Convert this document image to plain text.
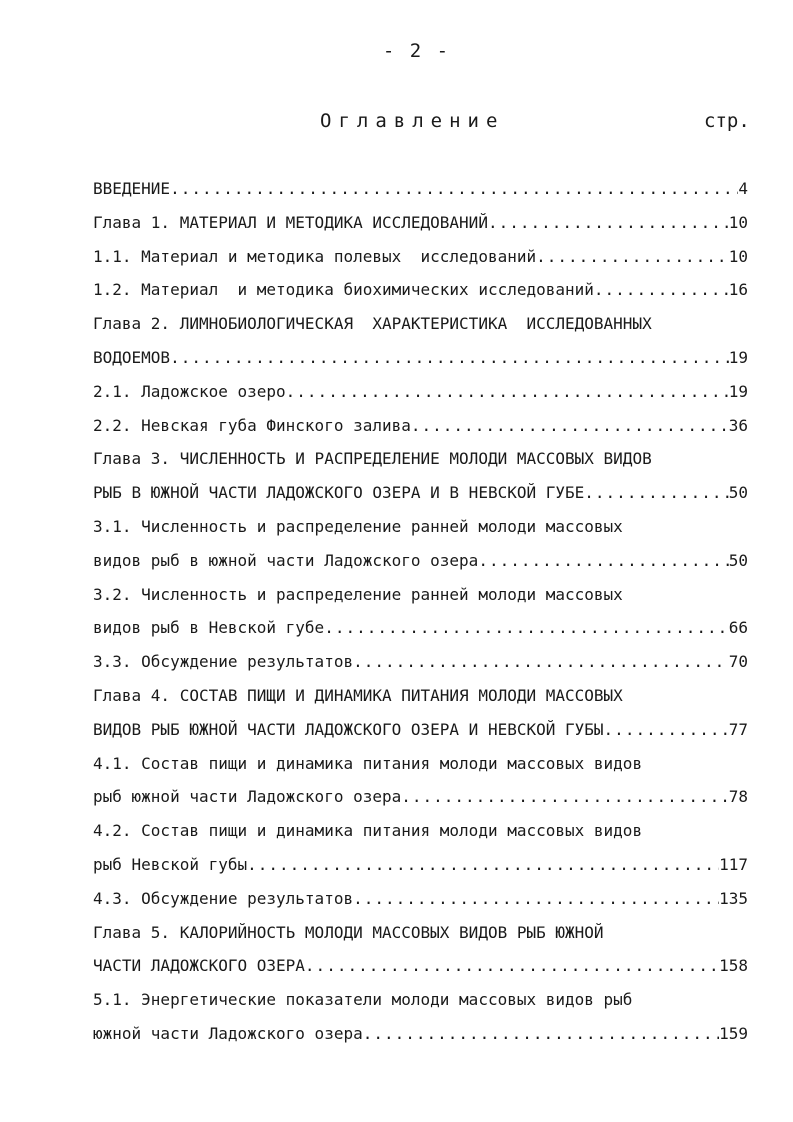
- 2 -
Оглавление	стр.
ВВЕДЕНИЕ .....	4
Глава 1. МАТЕРИАЛ И МЕТОДИКА ИССЛЕДОВАНИЙ .....	10
1.1. Материал и методика полевых  исследований .....	10
1.2. Материал  и методика биохимических исследований .....	16
Глава 2. ЛИМНОБИОЛОГИЧЕСКАЯ  ХАРАКТЕРИСТИКА  ИССЛЕДОВАННЫХ
ВОДОЕМОВ .....	19
2.1. Ладожское озеро .....	19
2.2. Невская губа Финского залива .....	36
Глава 3. ЧИСЛЕННОСТЬ И РАСПРЕДЕЛЕНИЕ МОЛОДИ МАССОВЫХ ВИДОВ
РЫБ В ЮЖНОЙ ЧАСТИ ЛАДОЖСКОГО ОЗЕРА И В НЕВСКОЙ ГУБЕ .....	50
3.1. Численность и распределение ранней молоди массовых
видов рыб в южной части Ладожского озера .....	50
3.2. Численность и распределение ранней молоди массовых
видов рыб в Невской губе .....	66
3.3. Обсуждение результатов .....	70
Глава 4. СОСТАВ ПИЩИ И ДИНАМИКА ПИТАНИЯ МОЛОДИ МАССОВЫХ
ВИДОВ РЫБ ЮЖНОЙ ЧАСТИ ЛАДОЖСКОГО ОЗЕРА И НЕВСКОЙ ГУБЫ .....	77
4.1. Состав пищи и динамика питания молоди массовых видов
рыб южной части Ладожского озера .....	78
4.2. Состав пищи и динамика питания молоди массовых видов
рыб Невской губы .....	117
4.3. Обсуждение результатов .....	135
Глава 5. КАЛОРИЙНОСТЬ МОЛОДИ МАССОВЫХ ВИДОВ РЫБ ЮЖНОЙ
ЧАСТИ ЛАДОЖСКОГО ОЗЕРА .....	158
5.1. Энергетические показатели молоди массовых видов рыб
южной части Ладожского озера .....	159
